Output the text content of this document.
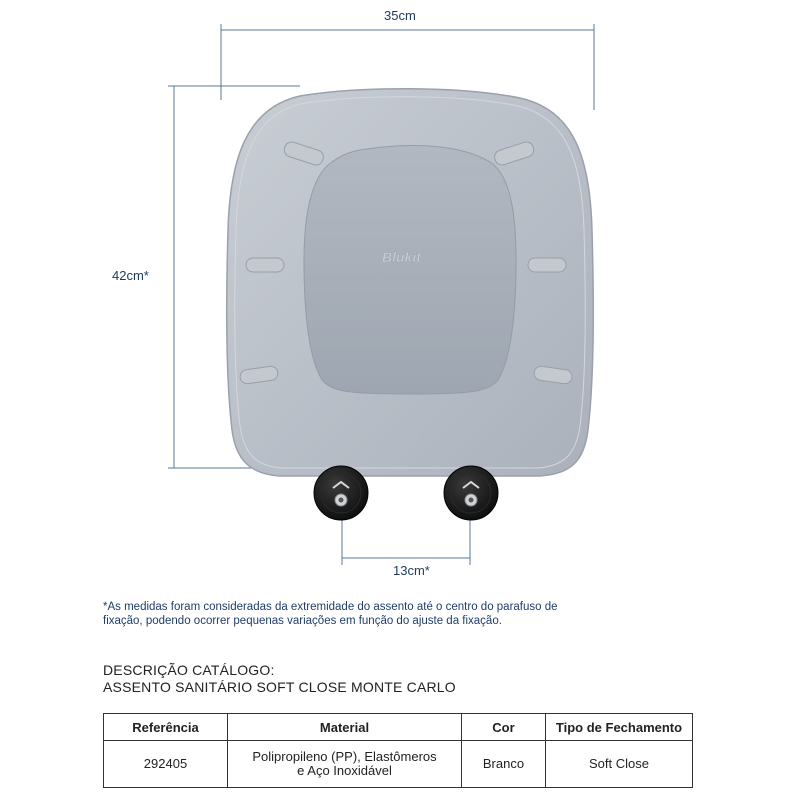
35cm
42cm*
13cm*
Blukit
*As medidas foram consideradas da extremidade do assento até o centro do parafuso de fixação, podendo ocorrer pequenas variações em função do ajuste da fixação.
DESCRIÇÃO CATÁLOGO:
ASSENTO SANITÁRIO SOFT CLOSE MONTE CARLO
Referência	Material	Cor	Tipo de Fechamento
292405	Polipropileno (PP), Elastômeros
e Aço Inoxidável	Branco	Soft Close
